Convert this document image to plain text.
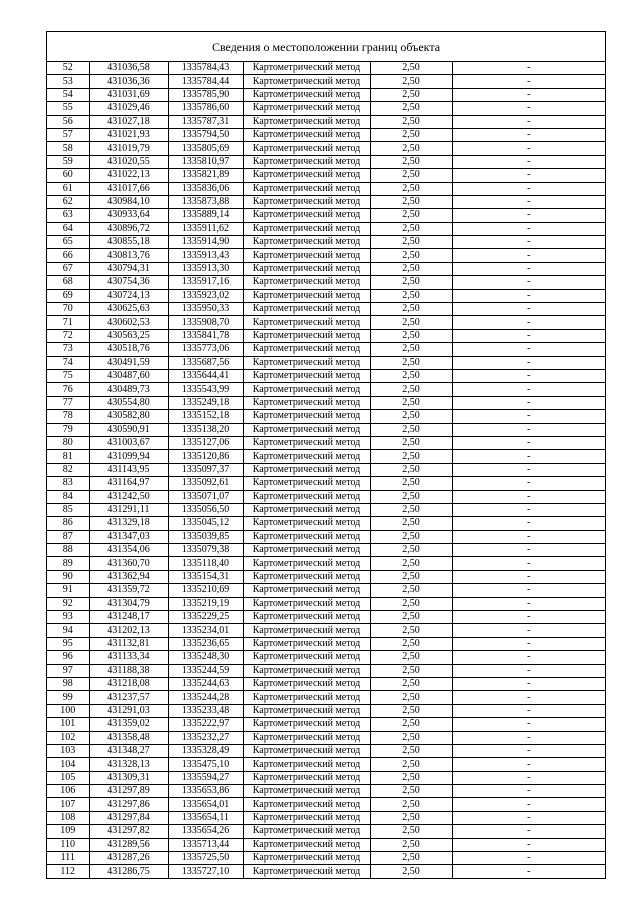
Сведения о местоположении границ объекта
52	431036,58	1335784,43	Картометрический метод	2,50	-
53	431036,36	1335784,44	Картометрический метод	2,50	-
54	431031,69	1335785,90	Картометрический метод	2,50	-
55	431029,46	1335786,60	Картометрический метод	2,50	-
56	431027,18	1335787,31	Картометрический метод	2,50	-
57	431021,93	1335794,50	Картометрический метод	2,50	-
58	431019,79	1335805,69	Картометрический метод	2,50	-
59	431020,55	1335810,97	Картометрический метод	2,50	-
60	431022,13	1335821,89	Картометрический метод	2,50	-
61	431017,66	1335836,06	Картометрический метод	2,50	-
62	430984,10	1335873,88	Картометрический метод	2,50	-
63	430933,64	1335889,14	Картометрический метод	2,50	-
64	430896,72	1335911,62	Картометрический метод	2,50	-
65	430855,18	1335914,90	Картометрический метод	2,50	-
66	430813,76	1335913,43	Картометрический метод	2,50	-
67	430794,31	1335913,30	Картометрический метод	2,50	-
68	430754,36	1335917,16	Картометрический метод	2,50	-
69	430724,13	1335923,02	Картометрический метод	2,50	-
70	430625,63	1335950,33	Картометрический метод	2,50	-
71	430602,53	1335908,70	Картометрический метод	2,50	-
72	430563,25	1335841,78	Картометрический метод	2,50	-
73	430518,76	1335773,06	Картометрический метод	2,50	-
74	430491,59	1335687,56	Картометрический метод	2,50	-
75	430487,60	1335644,41	Картометрический метод	2,50	-
76	430489,73	1335543,99	Картометрический метод	2,50	-
77	430554,80	1335249,18	Картометрический метод	2,50	-
78	430582,80	1335152,18	Картометрический метод	2,50	-
79	430590,91	1335138,20	Картометрический метод	2,50	-
80	431003,67	1335127,06	Картометрический метод	2,50	-
81	431099,94	1335120,86	Картометрический метод	2,50	-
82	431143,95	1335097,37	Картометрический метод	2,50	-
83	431164,97	1335092,61	Картометрический метод	2,50	-
84	431242,50	1335071,07	Картометрический метод	2,50	-
85	431291,11	1335056,50	Картометрический метод	2,50	-
86	431329,18	1335045,12	Картометрический метод	2,50	-
87	431347,03	1335039,85	Картометрический метод	2,50	-
88	431354,06	1335079,38	Картометрический метод	2,50	-
89	431360,70	1335118,40	Картометрический метод	2,50	-
90	431362,94	1335154,31	Картометрический метод	2,50	-
91	431359,72	1335210,69	Картометрический метод	2,50	-
92	431304,79	1335219,19	Картометрический метод	2,50	-
93	431248,17	1335229,25	Картометрический метод	2,50	-
94	431202,13	1335234,01	Картометрический метод	2,50	-
95	431132,81	1335236,65	Картометрический метод	2,50	-
96	431133,34	1335248,30	Картометрический метод	2,50	-
97	431188,38	1335244,59	Картометрический метод	2,50	-
98	431218,08	1335244,63	Картометрический метод	2,50	-
99	431237,57	1335244,28	Картометрический метод	2,50	-
100	431291,03	1335233,48	Картометрический метод	2,50	-
101	431359,02	1335222,97	Картометрический метод	2,50	-
102	431358,48	1335232,27	Картометрический метод	2,50	-
103	431348,27	1335328,49	Картометрический метод	2,50	-
104	431328,13	1335475,10	Картометрический метод	2,50	-
105	431309,31	1335594,27	Картометрический метод	2,50	-
106	431297,89	1335653,86	Картометрический метод	2,50	-
107	431297,86	1335654,01	Картометрический метод	2,50	-
108	431297,84	1335654,11	Картометрический метод	2,50	-
109	431297,82	1335654,26	Картометрический метод	2,50	-
110	431289,56	1335713,44	Картометрический метод	2,50	-
111	431287,26	1335725,50	Картометрический метод	2,50	-
112	431286,75	1335727,10	Картометрический метод	2,50	-
